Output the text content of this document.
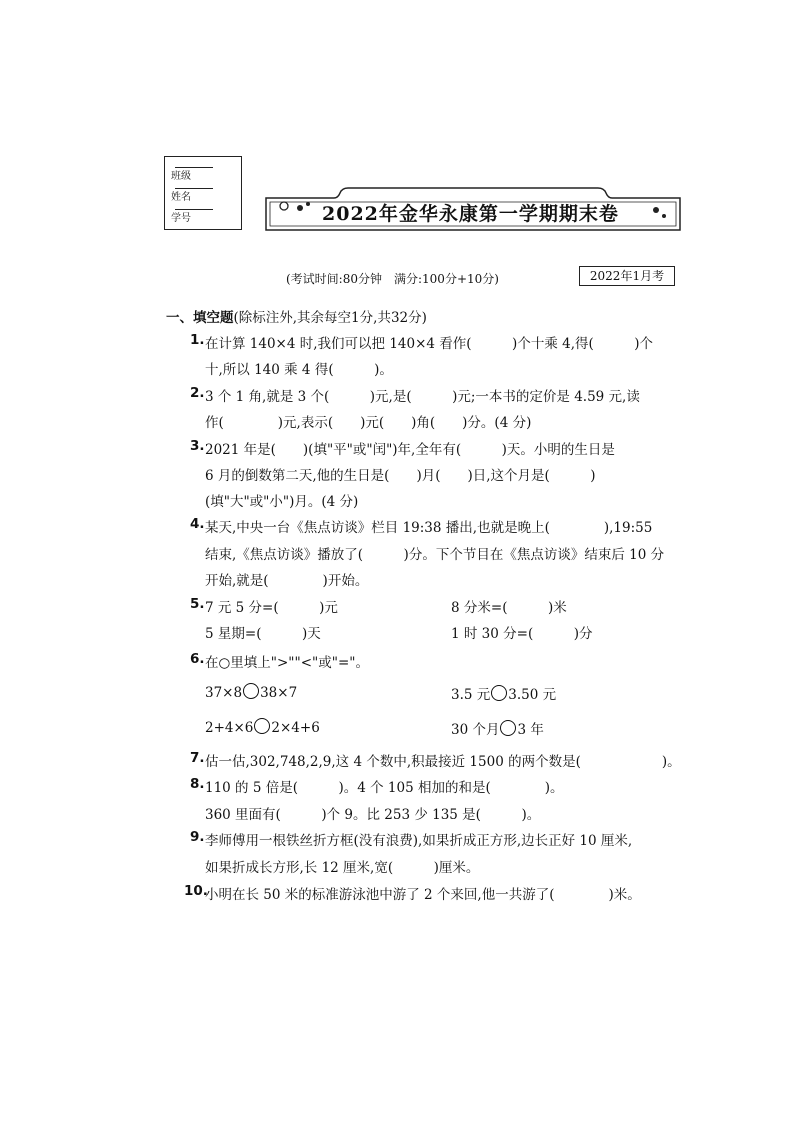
班级
姓名
学号	2022年金华永康第一学期期末卷
(考试时间:80分钟　满分:100分+10分)	2022年1月考
一、填空题(除标注外,其余每空1分,共32分)
1. 在计算 140×4 时,我们可以把 140×4 看作(　　　)个十乘 4,得(　　　)个
十,所以 140 乘 4 得(　　　)。
2. 3 个 1 角,就是 3 个(　　　)元,是(　　　)元;一本书的定价是 4.59 元,读
作(　　　　)元,表示(　　)元(　　)角(　　)分。(4 分)
3. 2021 年是(　　)(填"平"或"闰")年,全年有(　　　)天。小明的生日是
6 月的倒数第二天,他的生日是(　　)月(　　)日,这个月是(　　　)
(填"大"或"小")月。(4 分)
4. 某天,中央一台《焦点访谈》栏目 19:38 播出,也就是晚上(　　　　),19:55
结束,《焦点访谈》播放了(　　　)分。下个节目在《焦点访谈》结束后 10 分
开始,就是(　　　　)开始。
5. 7 元 5 分=(　　　)元	8 分米=(　　　)米
5 星期=(　　　)天	1 时 30 分=(　　　)分
6. 在○里填上">""<"或"="。
37×8 38×7	3.5 元 3.50 元
2+4×6 2×4+6	30 个月 3 年
7. 估一估,302,748,2,9,这 4 个数中,积最接近 1500 的两个数是(　　　　　　)。
8. 110 的 5 倍是(　　　)。4 个 105 相加的和是(　　　　)。
360 里面有(　　　)个 9。比 253 少 135 是(　　　)。
9. 李师傅用一根铁丝折方框(没有浪费),如果折成正方形,边长正好 10 厘米,
如果折成长方形,长 12 厘米,宽(　　　)厘米。
10.
小明在长 50 米的标准游泳池中游了 2 个来回,他一共游了(　　　　)米。
